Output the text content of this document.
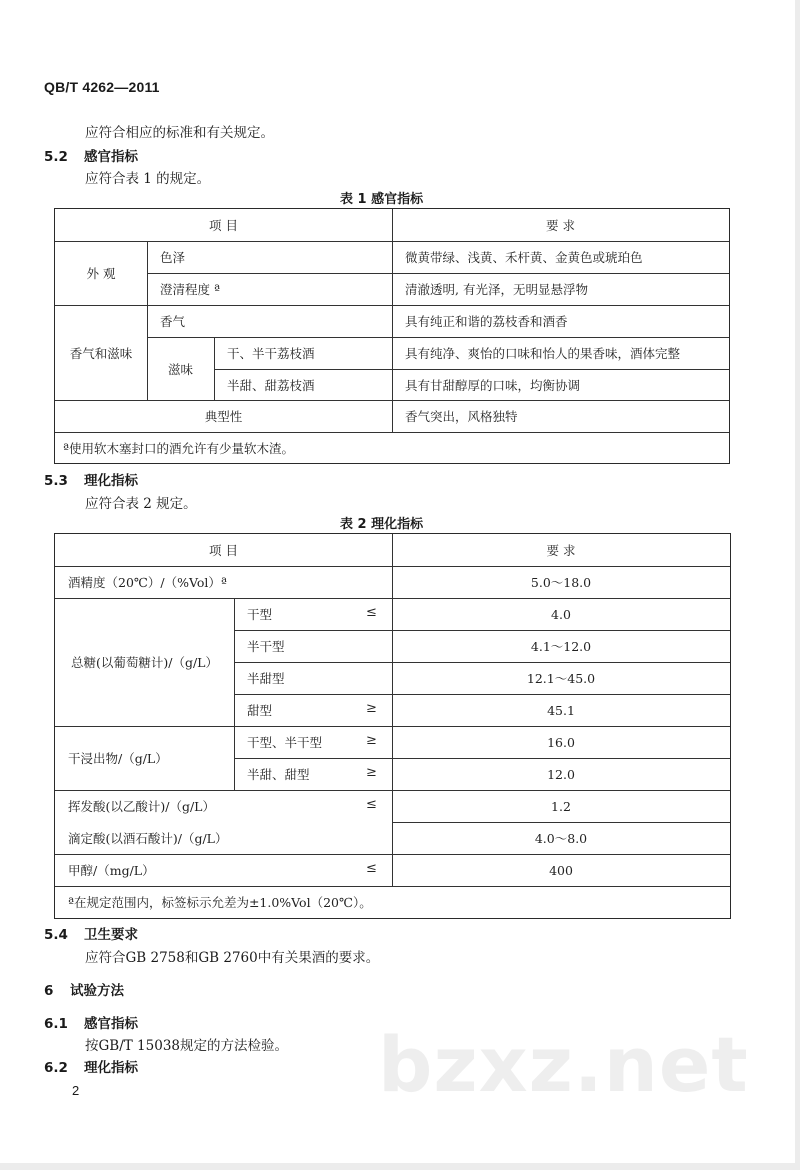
QB/T 4262—2011
应符合相应的标准和有关规定。
5.2 感官指标
应符合表 1 的规定。
表 1 感官指标
项 目	要 求
外 观
色泽	微黄带绿、浅黄、禾杆黄、金黄色或琥珀色
澄清程度 ª	清澈透明, 有光泽，无明显悬浮物
香气和滋味
香气	具有纯正和谐的荔枝香和酒香
滋味
干、半干荔枝酒	具有纯净、爽怡的口味和怡人的果香味，酒体完整
半甜、甜荔枝酒	具有甘甜醇厚的口味，均衡协调
典型性	香气突出，风格独特
ª使用软木塞封口的酒允许有少量软木渣。
5.3 理化指标
应符合表 2 规定。
表 2 理化指标
项 目	要 求
酒精度（20℃）/（%Vol）ª	5.0～18.0
总糖(以葡萄糖计)/（g/L）
干型	≤	4.0
半干型	4.1～12.0
半甜型	12.1～45.0
甜型	≥	45.1
干浸出物/（g/L）
干型、半干型	≥	16.0
半甜、甜型	≥	12.0
挥发酸(以乙酸计)/（g/L）	≤	1.2
滴定酸(以酒石酸计)/（g/L）	4.0～8.0
甲醇/（mg/L）	≤	400
ª在规定范围内，标签标示允差为±1.0%Vol（20℃）。
5.4 卫生要求
应符合GB 2758和GB 2760中有关果酒的要求。
6 试验方法
6.1 感官指标
按GB/T 15038规定的方法检验。
6.2 理化指标
2	bzxz.net
